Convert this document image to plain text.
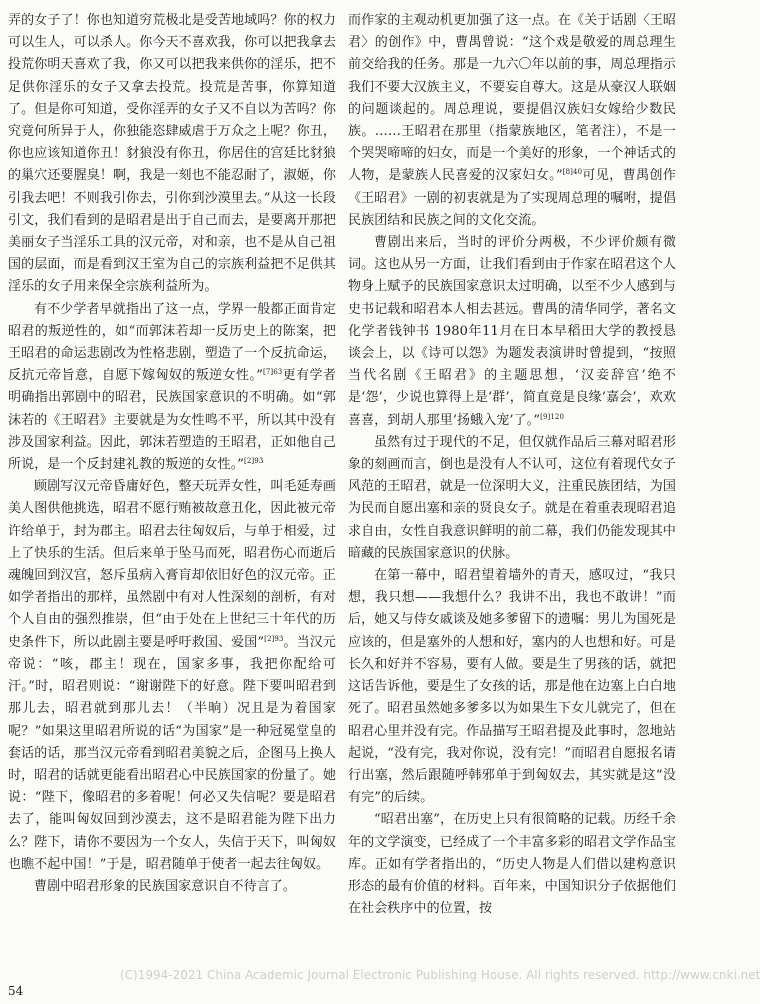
弄的女子了！你也知道穷荒极北是受苦地域吗？你的权力可以生人，可以杀人。你今天不喜欢我，你可以把我拿去投荒你明天喜欢了我，你又可以把我来供你的淫乐，把不足供你淫乐的女子又拿去投荒。投荒是苦事，你算知道了。但是你可知道，受你淫弄的女子又不自以为苦吗？你究竟何所异于人，你独能恣肆威虐于万众之上呢？你丑，你也应该知道你丑！豺狼没有你丑，你居住的宫廷比豺狼的巢穴还要腥臭！啊，我是一刻也不能忍耐了，淑姬，你引我去吧！不则我引你去，引你到沙漠里去。”从这一长段引文，我们看到的是昭君是出于自己而去，是要离开那把美丽女子当淫乐工具的汉元帝，对和亲，也不是从自己祖国的层面，而是看到汉王室为自己的宗族利益把不足供其淫乐的女子用来保全宗族利益所为。

有不少学者早就指出了这一点，学界一般都正面肯定昭君的叛逆性的，如“而郭沫若却一反历史上的陈案，把王昭君的命运悲剧改为性格悲剧，塑造了一个反抗命运，反抗元帝旨意，自愿下嫁匈奴的叛逆女性。”$^{[7]63}$更有学者明确指出郭剧中的昭君，民族国家意识的不明确。如“郭沫若的《王昭君》主要就是为女性鸣不平，所以其中没有涉及国家利益。因此，郭沫若塑造的王昭君，正如他自己所说，是一个反封建礼教的叛逆的女性。”$^{[2]93}$

顾剧写汉元帝昏庸好色，整天玩弄女性，叫毛延寿画美人图供他挑选，昭君不愿行贿被故意丑化，因此被元帝许给单于，封为郡主。昭君去往匈奴后，与单于相爱，过上了快乐的生活。但后来单于坠马而死，昭君伤心而逝后魂魄回到汉宫，怒斥虽病入膏肓却依旧好色的汉元帝。正如学者指出的那样，虽然剧中有对人性深刻的剖析，有对个人自由的强烈推崇，但“由于处在上世纪三十年代的历史条件下，所以此剧主要是呼吁救国、爱国”$^{[2]93}$。当汉元帝说：“咳，郡主！现在，国家多事，我把你配给可汗。”时，昭君则说：“谢谢陛下的好意。陛下要叫昭君到那儿去，昭君就到那儿去！（半晌）况且是为着国家呢？”如果这里昭君所说的话“为国家”是一种冠冕堂皇的套话的话，那当汉元帝看到昭君美貌之后，企图马上换人时，昭君的话就更能看出昭君心中民族国家的份量了。她说：“陛下，像昭君的多着呢！何必又失信呢？要是昭君去了，能叫匈奴回到沙漠去，这不是昭君能为陛下出力么？陛下，请你不要因为一个女人，失信于天下，叫匈奴也瞧不起中国！”于是，昭君随单于使者一起去往匈奴。

曹剧中昭君形象的民族国家意识自不待言了。

而作家的主观动机更加强了这一点。在《关于话剧〈王昭君〉的创作》中，曹禺曾说：“这个戏是敬爱的周总理生前交给我的任务。那是一九六〇年以前的事，周总理指示我们不要大汉族主义，不要妄自尊大。这是从豪汉人联姻的问题谈起的。周总理说，要提倡汉族妇女嫁给少数民族。……王昭君在那里（指蒙族地区，笔者注），不是一个哭哭啼啼的妇女，而是一个美好的形象，一个神话式的人物，是蒙族人民喜爱的汉家妇女。”$^{[8]40}$可见，曹禺创作《王昭君》一剧的初衷就是为了实现周总理的嘱咐，提倡民族团结和民族之间的文化交流。

曹剧出来后，当时的评价分两极，不少评价颇有微词。这也从另一方面，让我们看到由于作家在昭君这个人物身上赋予的民族国家意识太过明确，以至不少人感到与史书记载和昭君本人相去甚远。曹禺的清华同学，著名文化学者钱钟书 1980年11月在日本早稻田大学的教授恳谈会上，以《诗可以怨》为题发表演讲时曾提到，“按照当代名剧《王昭君》的主题思想，‘汉妾辞宫’绝不是‘怨’，少说也算得上是‘群’，简直竟是良缘‘嘉会’，欢欢喜喜，到胡人那里‘扬蛾入宠’了。”$^{[9]120}$

虽然有过于现代的不足，但仅就作品后三幕对昭君形象的刻画而言，倒也是没有人不认可，这位有着现代女子风范的王昭君，就是一位深明大义，注重民族团结，为国为民而自愿出塞和亲的贤良女子。就是在着重表现昭君追求自由，女性自我意识鲜明的前二幕，我们仍能发现其中暗藏的民族国家意识的伏脉。

在第一幕中，昭君望着墙外的青天，感叹过，“我只想，我只想——我想什么？我讲不出，我也不敢讲！”而后，她又与侍女戚谈及她多爹留下的遗嘱：男儿为国死是应该的，但是塞外的人想和好，塞内的人也想和好。可是长久和好并不容易，要有人做。要是生了男孩的话，就把这话告诉他，要是生了女孩的话，那是他在边塞上白白地死了。昭君虽然她多爹多以为如果生下女儿就完了，但在昭君心里并没有完。作品描写王昭君提及此事时，忽地站起说，“没有完，我对你说，没有完！”而昭君自愿报名请行出塞，然后跟随呼韩邪单于到匈奴去，其实就是这“没有完”的后续。

“昭君出塞”，在历史上只有很简略的记载。历经千余年的文学演变，已经成了一个丰富多彩的昭君文学作品宝库。正如有学者指出的，“历史人物是人们借以建构意识形态的最有价值的材料。百年来，中国知识分子依据他们在社会秩序中的位置，按

(C)1994-2021 China Academic Journal Electronic Publishing House. All rights reserved. http://www.cnki.net
54
